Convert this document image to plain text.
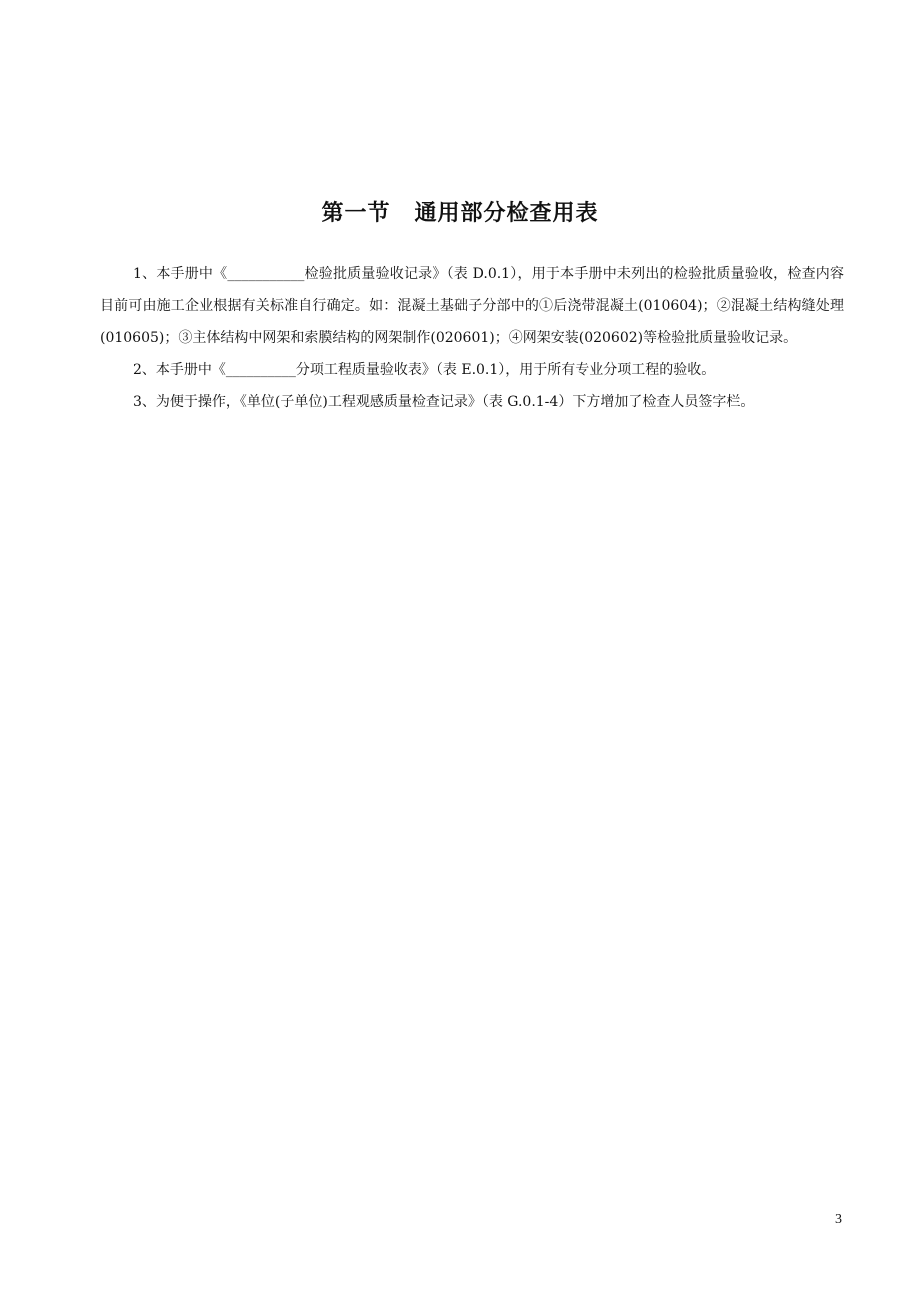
第一节 通用部分检查用表

1、本手册中《___________检验批质量验收记录》（表 D.0.1），用于本手册中未列出的检验批质量验收，检查内容目前可由施工企业根据有关标准自行确定。如：混凝土基础子分部中的①后浇带混凝土(010604)；②混凝土结构缝处理(010605)；③主体结构中网架和索膜结构的网架制作(020601)；④网架安装(020602)等检验批质量验收记录。

2、本手册中《__________分项工程质量验收表》（表 E.0.1），用于所有专业分项工程的验收。

3、为便于操作，《单位(子单位)工程观感质量检查记录》（表 G.0.1-4）下方增加了检查人员签字栏。

3
